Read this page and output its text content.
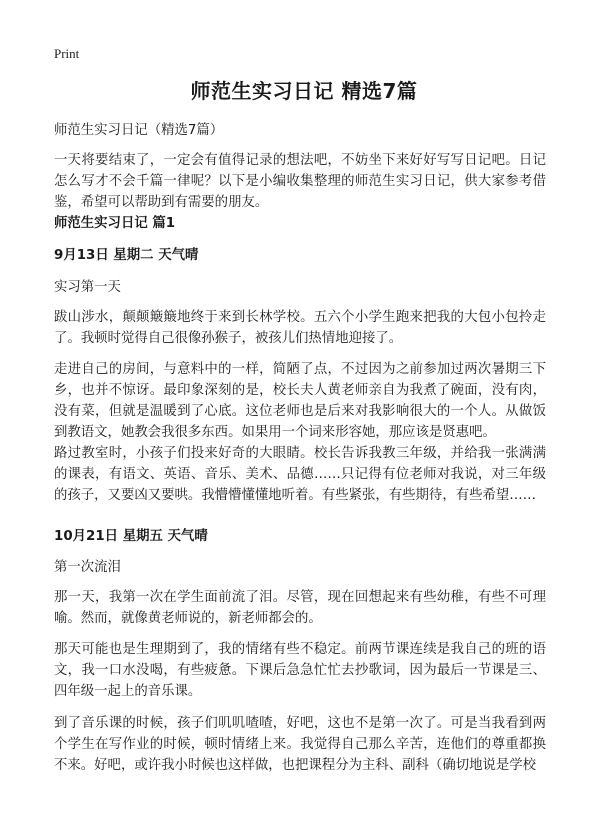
Print
师范生实习日记 精选7篇

师范生实习日记（精选7篇）

一天将要结束了，一定会有值得记录的想法吧，不妨坐下来好好写写日记吧。日记怎么写才不会千篇一律呢？以下是小编收集整理的师范生实习日记，供大家参考借鉴，希望可以帮助到有需要的朋友。

师范生实习日记 篇1

9月13日 星期二 天气晴

实习第一天

跋山涉水，颠颠簸簸地终于来到长林学校。五六个小学生跑来把我的大包小包拎走了。我顿时觉得自己很像孙猴子，被孩儿们热情地迎接了。

走进自己的房间，与意料中的一样，简陋了点，不过因为之前参加过两次暑期三下乡，也并不惊讶。最印象深刻的是，校长夫人黄老师亲自为我煮了碗面，没有肉，没有菜，但就是温暖到了心底。这位老师也是后来对我影响很大的一个人。从做饭到教语文，她教会我很多东西。如果用一个词来形容她，那应该是贤惠吧。

路过教室时，小孩子们投来好奇的大眼睛。校长告诉我教三年级，并给我一张满满的课表，有语文、英语、音乐、美术、品德……只记得有位老师对我说，对三年级的孩子，又要凶又要哄。我懵懵懂懂地听着。有些紧张，有些期待，有些希望……

10月21日 星期五 天气晴

第一次流泪

那一天，我第一次在学生面前流了泪。尽管，现在回想起来有些幼稚，有些不可理喻。然而，就像黄老师说的，新老师都会的。

那天可能也是生理期到了，我的情绪有些不稳定。前两节课连续是我自己的班的语文，我一口水没喝，有些疲惫。下课后急急忙忙去抄歌词，因为最后一节课是三、四年级一起上的音乐课。

到了音乐课的时候，孩子们叽叽喳喳，好吧，这也不是第一次了。可是当我看到两个学生在写作业的时候，顿时情绪上来。我觉得自己那么辛苦，连他们的尊重都换不来。好吧，或许我小时候也这样做，也把课程分为主科、副科（确切地说是学校
